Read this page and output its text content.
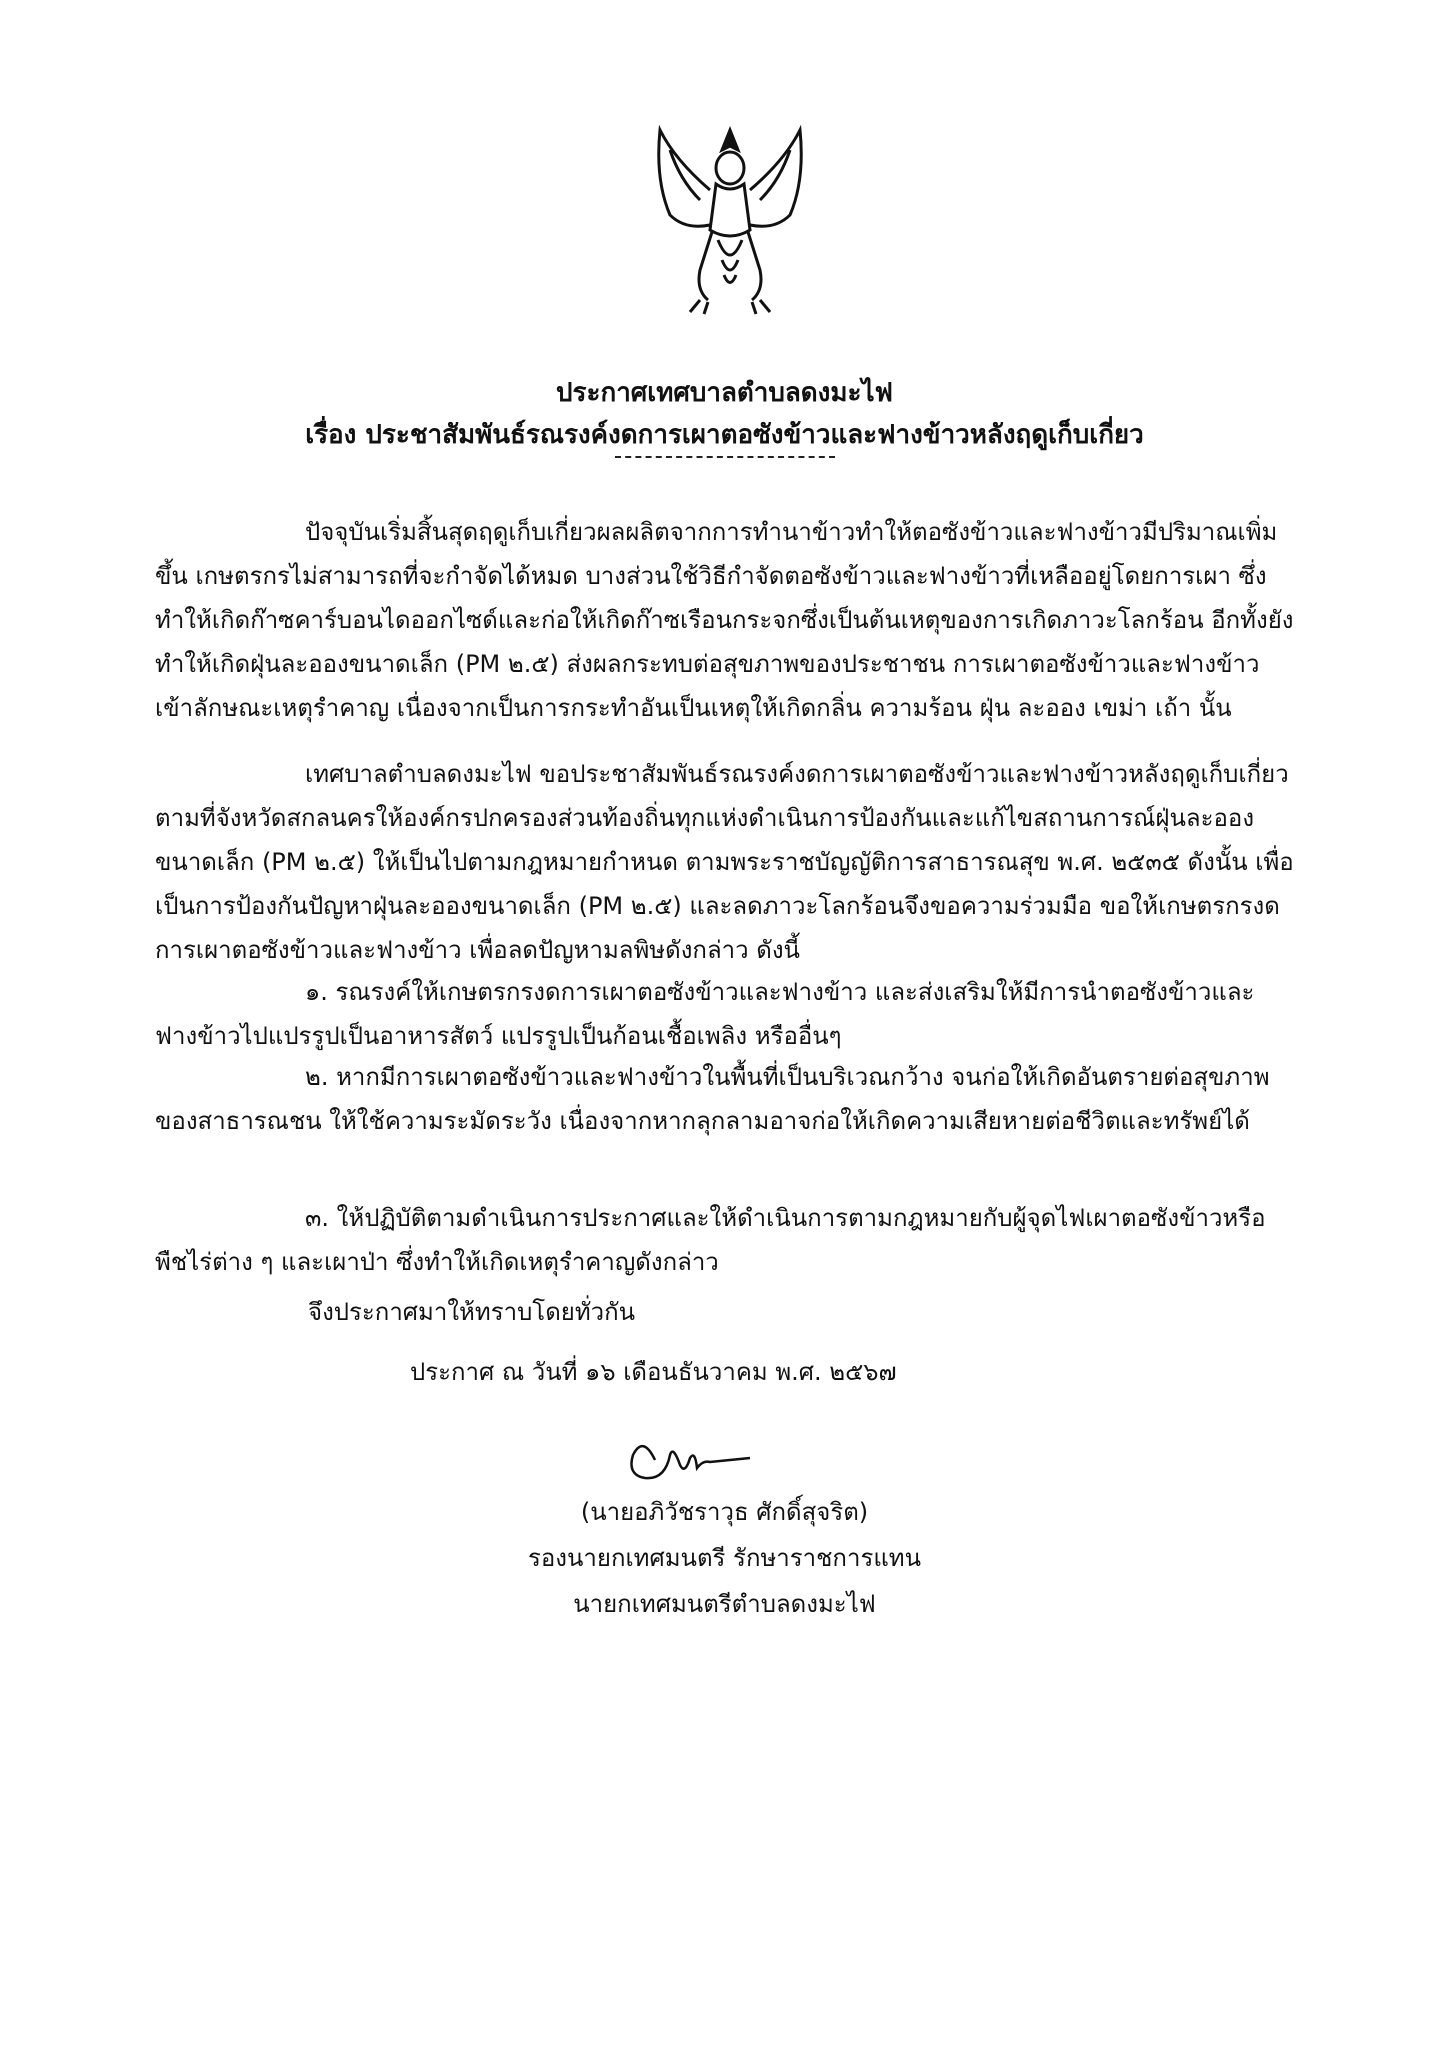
ประกาศเทศบาลตำบลดงมะไฟ
เรื่อง ประชาสัมพันธ์รณรงค์งดการเผาตอซังข้าวและฟางข้าวหลังฤดูเก็บเกี่ยว

ปัจจุบันเริ่มสิ้นสุดฤดูเก็บเกี่ยวผลผลิตจากการทำนาข้าวทำให้ตอซังข้าวและฟางข้าวมีปริมาณเพิ่มขึ้น เกษตรกรไม่สามารถที่จะกำจัดได้หมด บางส่วนใช้วิธีกำจัดตอซังข้าวและฟางข้าวที่เหลืออยู่โดยการเผา ซึ่งทำให้เกิดก๊าซคาร์บอนไดออกไซด์และก่อให้เกิดก๊าซเรือนกระจกซึ่งเป็นต้นเหตุของการเกิดภาวะโลกร้อน อีกทั้งยังทำให้เกิดฝุ่นละอองขนาดเล็ก (PM ๒.๕) ส่งผลกระทบต่อสุขภาพของประชาชน การเผาตอซังข้าวและฟางข้าวเข้าลักษณะเหตุรำคาญ เนื่องจากเป็นการกระทำอันเป็นเหตุให้เกิดกลิ่น ความร้อน ฝุ่น ละออง เขม่า เถ้า นั้น

เทศบาลตำบลดงมะไฟ ขอประชาสัมพันธ์รณรงค์งดการเผาตอซังข้าวและฟางข้าวหลังฤดูเก็บเกี่ยว ตามที่จังหวัดสกลนครให้องค์กรปกครองส่วนท้องถิ่นทุกแห่งดำเนินการป้องกันและแก้ไขสถานการณ์ฝุ่นละอองขนาดเล็ก (PM ๒.๕) ให้เป็นไปตามกฎหมายกำหนด ตามพระราชบัญญัติการสาธารณสุข พ.ศ. ๒๕๓๕ ดังนั้น เพื่อเป็นการป้องกันปัญหาฝุ่นละอองขนาดเล็ก (PM ๒.๕) และลดภาวะโลกร้อนจึงขอความร่วมมือ ขอให้เกษตรกรงดการเผาตอซังข้าวและฟางข้าว เพื่อลดปัญหามลพิษดังกล่าว ดังนี้

๑. รณรงค์ให้เกษตรกรงดการเผาตอซังข้าวและฟางข้าว และส่งเสริมให้มีการนำตอซังข้าวและฟางข้าวไปแปรรูปเป็นอาหารสัตว์ แปรรูปเป็นก้อนเชื้อเพลิง หรืออื่นๆ

๒. หากมีการเผาตอซังข้าวและฟางข้าวในพื้นที่เป็นบริเวณกว้าง จนก่อให้เกิดอันตรายต่อสุขภาพของสาธารณชน ให้ใช้ความระมัดระวัง เนื่องจากหากลุกลามอาจก่อให้เกิดความเสียหายต่อชีวิตและทรัพย์ได้

๓. ให้ปฏิบัติตามดำเนินการประกาศและให้ดำเนินการตามกฎหมายกับผู้จุดไฟเผาตอซังข้าวหรือพืชไร่ต่าง ๆ และเผาป่า ซึ่งทำให้เกิดเหตุรำคาญดังกล่าว

จึงประกาศมาให้ทราบโดยทั่วกัน
ประกาศ ณ วันที่ ๑๖ เดือนธันวาคม พ.ศ. ๒๕๖๗
(นายอภิวัชราวุธ ศักดิ์สุจริต)
รองนายกเทศมนตรี รักษาราชการแทน
นายกเทศมนตรีตำบลดงมะไฟ
